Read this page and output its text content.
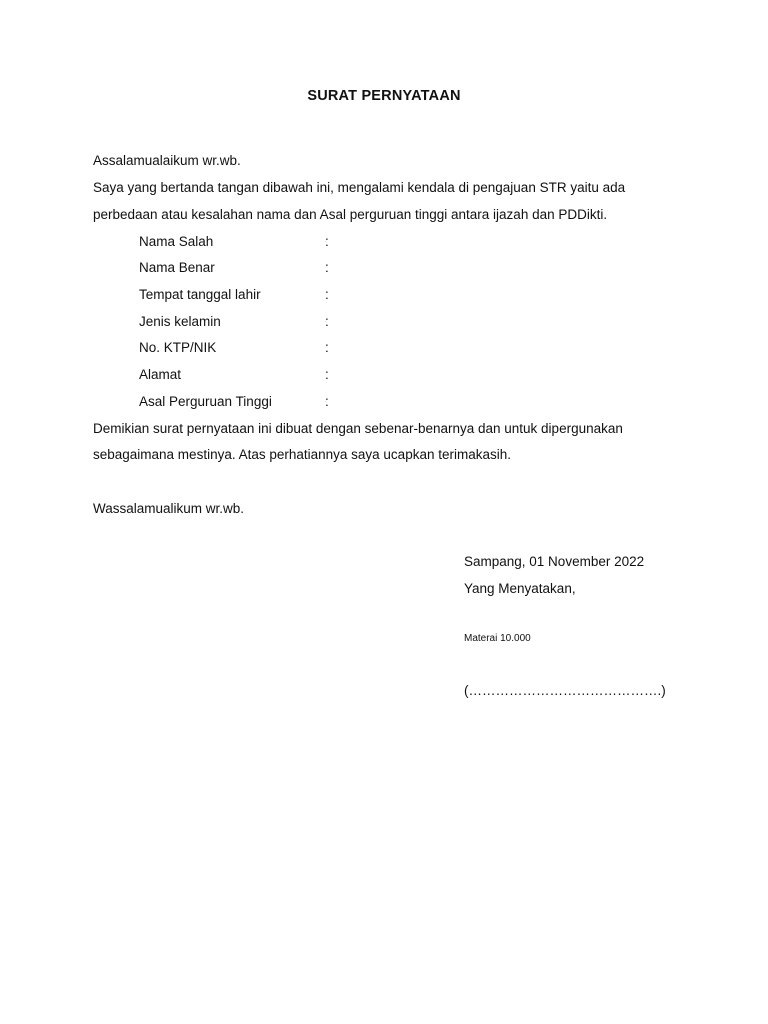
SURAT PERNYATAAN
Assalamualaikum wr.wb.
Saya yang bertanda tangan dibawah ini, mengalami kendala di pengajuan STR yaitu ada
perbedaan atau kesalahan nama dan Asal perguruan tinggi antara ijazah dan PDDikti.
Nama Salah	:
Nama Benar	:
Tempat tanggal lahir	:
Jenis kelamin	:
No. KTP/NIK	:
Alamat	:
Asal Perguruan Tinggi	:
Demikian surat pernyataan ini dibuat dengan sebenar-benarnya dan untuk dipergunakan
sebagaimana mestinya. Atas perhatiannya saya ucapkan terimakasih.
Wassalamualikum wr.wb.
Sampang, 01 November 2022
Yang Menyatakan,
Materai 10.000
(…………………………………….)
